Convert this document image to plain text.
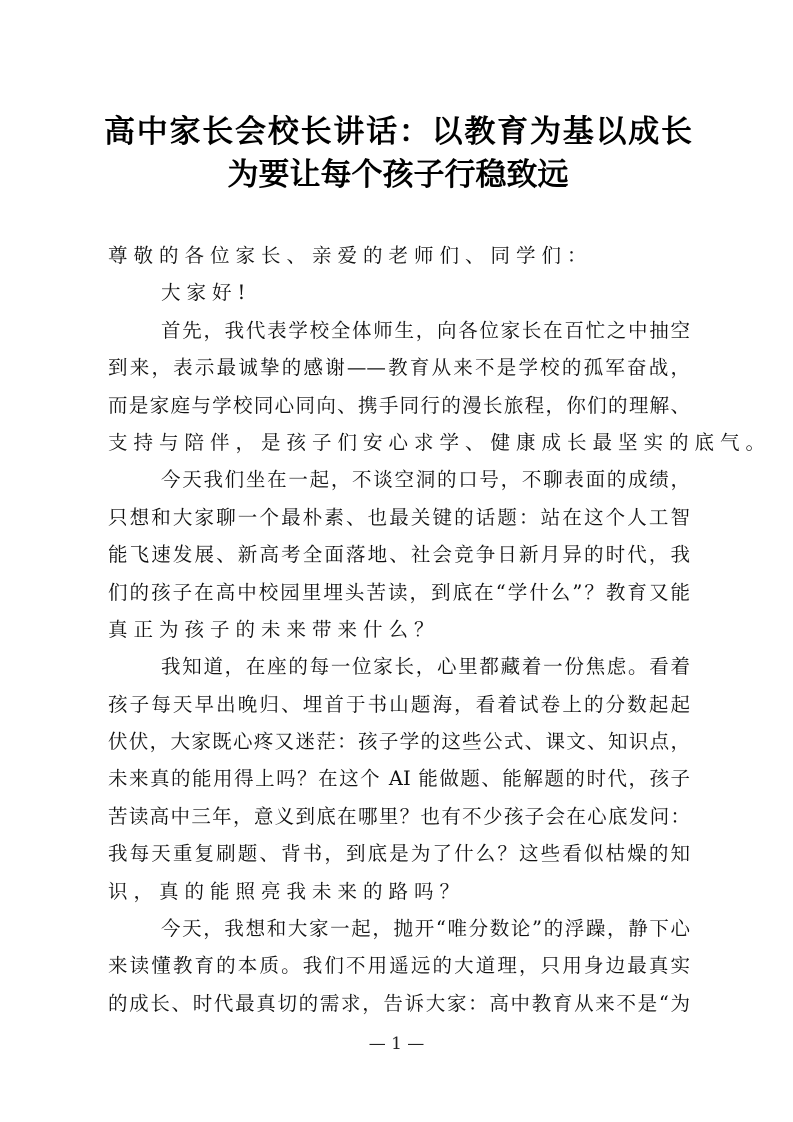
高中家长会校长讲话：以教育为基以成长
为要让每个孩子行稳致远
尊敬的各位家长、亲爱的老师们、同学们：
大家好!
首先，我代表学校全体师生，向各位家长在百忙之中抽空
到来，表示最诚挚的感谢——教育从来不是学校的孤军奋战，
而是家庭与学校同心同向、携手同行的漫长旅程，你们的理解、
支持与陪伴，是孩子们安心求学、健康成长最坚实的底气。
今天我们坐在一起，不谈空洞的口号，不聊表面的成绩，
只想和大家聊一个最朴素、也最关键的话题：站在这个人工智
能飞速发展、新高考全面落地、社会竞争日新月异的时代，我
们的孩子在高中校园里埋头苦读，到底在“学什么”？教育又能
真正为孩子的未来带来什么？
我知道，在座的每一位家长，心里都藏着一份焦虑。看着
孩子每天早出晚归、埋首于书山题海，看着试卷上的分数起起
伏伏，大家既心疼又迷茫：孩子学的这些公式、课文、知识点，
未来真的能用得上吗？在这个 AI 能做题、能解题的时代，孩子
苦读高中三年，意义到底在哪里？也有不少孩子会在心底发问：
我每天重复刷题、背书，到底是为了什么？这些看似枯燥的知
识，真的能照亮我未来的路吗？
今天，我想和大家一起，抛开“唯分数论”的浮躁，静下心
来读懂教育的本质。我们不用遥远的大道理，只用身边最真实
的成长、时代最真切的需求，告诉大家：高中教育从来不是“为
— 1 —
